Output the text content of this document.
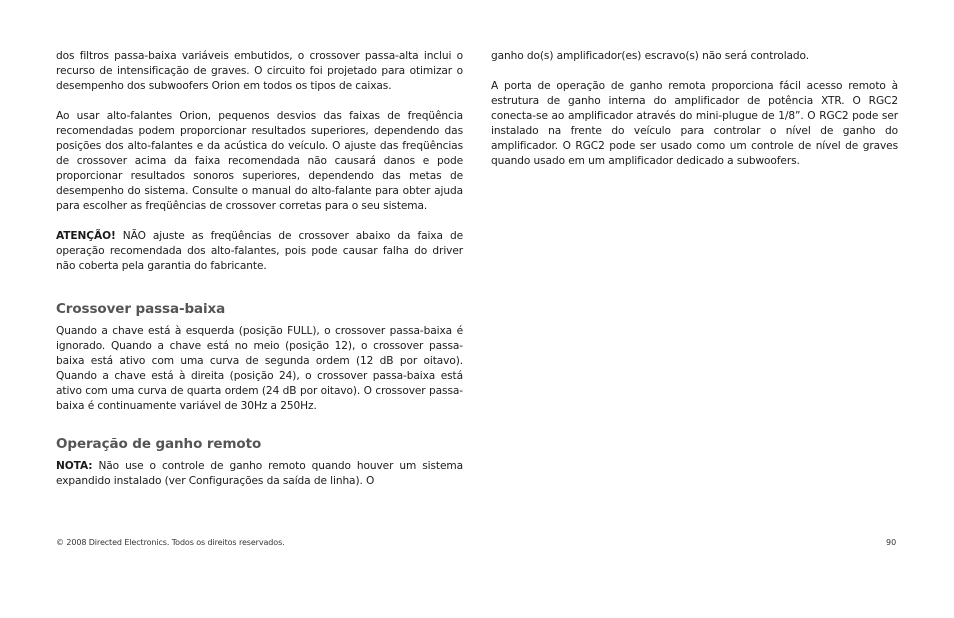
dos filtros passa-baixa variáveis embutidos, o crossover passa-alta inclui o recurso de intensificação de graves. O circuito foi projetado para otimizar o desempenho dos subwoofers Orion em todos os tipos de caixas.

Ao usar alto-falantes Orion, pequenos desvios das faixas de freqüência recomendadas podem proporcionar resultados superiores, dependendo das posições dos alto-falantes e da acústica do veículo. O ajuste das freqüências de crossover acima da faixa recomendada não causará danos e pode proporcionar resultados sonoros superiores, dependendo das metas de desempenho do sistema. Consulte o manual do alto-falante para obter ajuda para escolher as freqüências de crossover corretas para o seu sistema.

ATENÇÃO! NÃO ajuste as freqüências de crossover abaixo da faixa de operação recomendada dos alto-falantes, pois pode causar falha do driver não coberta pela garantia do fabricante.

Crossover passa-baixa

Quando a chave está à esquerda (posição FULL), o crossover passa-baixa é ignorado. Quando a chave está no meio (posição 12), o crossover passa-baixa está ativo com uma curva de segunda ordem (12 dB por oitavo). Quando a chave está à direita (posição 24), o crossover passa-baixa está ativo com uma curva de quarta ordem (24 dB por oitavo). O crossover passa-baixa é continuamente variável de 30Hz a 250Hz.

Operação de ganho remoto

NOTA: Não use o controle de ganho remoto quando houver um sistema expandido instalado (ver Configurações da saída de linha). O

ganho do(s) amplificador(es) escravo(s) não será controlado.

A porta de operação de ganho remota proporciona fácil acesso remoto à estrutura de ganho interna do amplificador de potência XTR. O RGC2 conecta-se ao amplificador através do mini-plugue de 1/8”. O RGC2 pode ser instalado na frente do veículo para controlar o nível de ganho do amplificador. O RGC2 pode ser usado como um controle de nível de graves quando usado em um amplificador dedicado a subwoofers.

© 2008 Directed Electronics. Todos os direitos reservados.	90
